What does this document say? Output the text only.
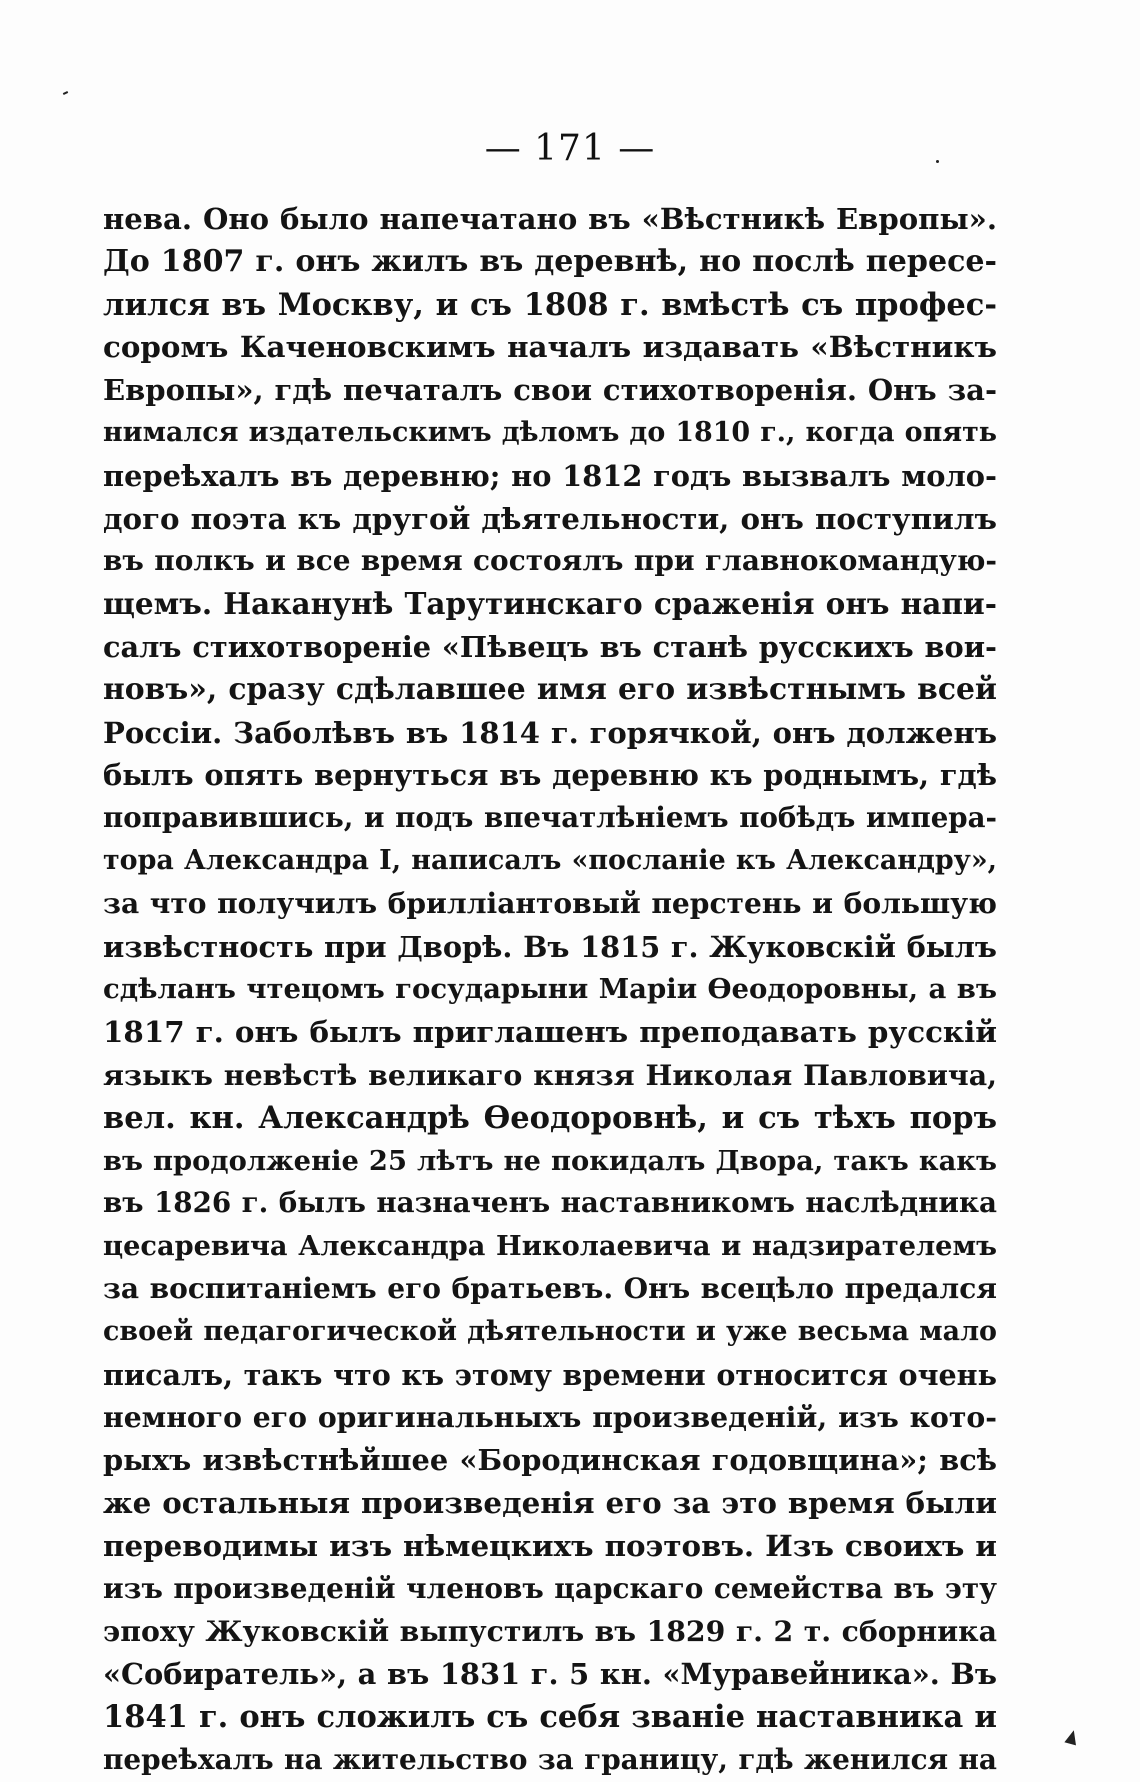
— 171 —
нева. Оно было напечатано въ «Вѣстникѣ Европы».
До 1807 г. онъ жилъ въ деревнѣ, но послѣ пересе-
лился въ Москву, и съ 1808 г. вмѣстѣ съ профес-
соромъ Каченовскимъ началъ издавать «Вѣстникъ
Европы», гдѣ печаталъ свои стихотворенія. Онъ за-
нимался издательскимъ дѣломъ до 1810 г., когда опять
переѣхалъ въ деревню; но 1812 годъ вызвалъ моло-
дого поэта къ другой дѣятельности, онъ поступилъ
въ полкъ и все время состоялъ при главнокомандую-
щемъ. Наканунѣ Тарутинскаго сраженія онъ напи-
салъ стихотвореніе «Пѣвецъ въ станѣ русскихъ вои-
новъ», сразу сдѣлавшее имя его извѣстнымъ всей
Россіи. Заболѣвъ въ 1814 г. горячкой, онъ долженъ
былъ опять вернуться въ деревню къ роднымъ, гдѣ
поправившись, и подъ впечатлѣніемъ побѣдъ импера-
тора Александра I, написалъ «посланіе къ Александру»,
за что получилъ бриллiантовый перстень и большую
извѣстность при Дворѣ. Въ 1815 г. Жуковскій былъ
сдѣланъ чтецомъ государыни Маріи Ѳеодоровны, а въ
1817 г. онъ былъ приглашенъ преподавать русскій
языкъ невѣстѣ великаго князя Николая Павловича,
вел. кн. Александрѣ Ѳеодоровнѣ, и съ тѣхъ поръ
въ продолженіе 25 лѣтъ не покидалъ Двора, такъ какъ
въ 1826 г. былъ назначенъ наставникомъ наслѣдника
цесаревича Александра Николаевича и надзирателемъ
за воспитаніемъ его братьевъ. Онъ всецѣло предался
своей педагогической дѣятельности и уже весьма мало
писалъ, такъ что къ этому времени относится очень
немного его оригинальныхъ произведеній, изъ кото-
рыхъ извѣстнѣйшее «Бородинская годовщина»; всѣ
же остальныя произведенія его за это время были
переводимы изъ нѣмецкихъ поэтовъ. Изъ своихъ и
изъ произведеній членовъ царскаго семейства въ эту
эпоху Жуковскій выпустилъ въ 1829 г. 2 т. сборника
«Собиратель», а въ 1831 г. 5 кн. «Муравейника». Въ
1841 г. онъ сложилъ съ себя званіе наставника и
переѣхалъ на жительство за границу, гдѣ женился на
